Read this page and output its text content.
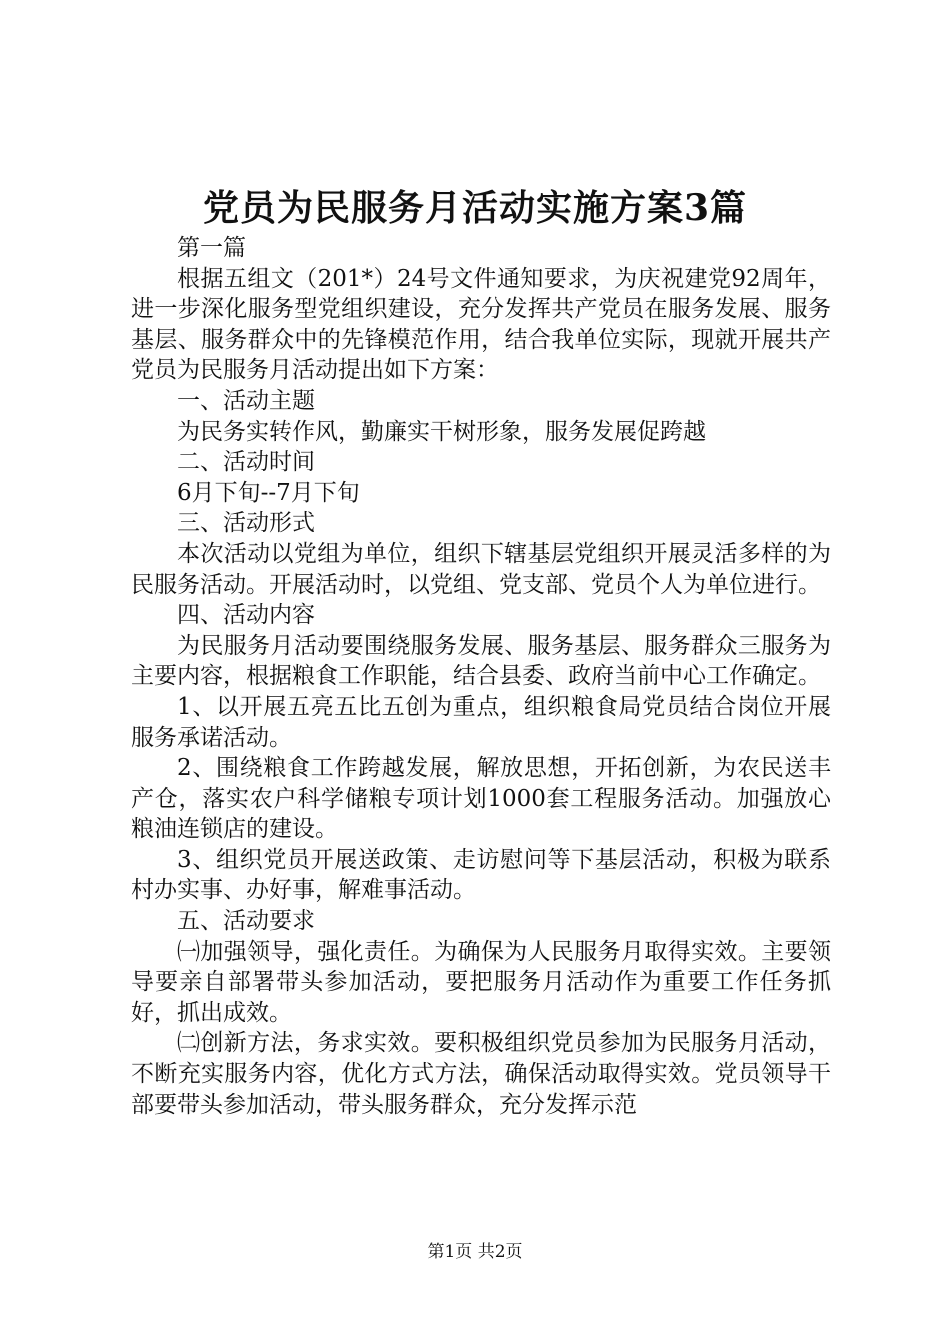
党员为民服务月活动实施方案3篇

第一篇

根据五组文（201*）24号文件通知要求，为庆祝建党92周年，进一步深化服务型党组织建设，充分发挥共产党员在服务发展、服务基层、服务群众中的先锋模范作用，结合我单位实际，现就开展共产党员为民服务月活动提出如下方案：

一、活动主题

为民务实转作风，勤廉实干树形象，服务发展促跨越

二、活动时间

6月下旬--7月下旬

三、活动形式

本次活动以党组为单位，组织下辖基层党组织开展灵活多样的为民服务活动。开展活动时，以党组、党支部、党员个人为单位进行。

四、活动内容

为民服务月活动要围绕服务发展、服务基层、服务群众三服务为主要内容，根据粮食工作职能，结合县委、政府当前中心工作确定。

1、以开展五亮五比五创为重点，组织粮食局党员结合岗位开展服务承诺活动。

2、围绕粮食工作跨越发展，解放思想，开拓创新，为农民送丰产仓，落实农户科学储粮专项计划1000套工程服务活动。加强放心粮油连锁店的建设。

3、组织党员开展送政策、走访慰问等下基层活动，积极为联系村办实事、办好事，解难事活动。

五、活动要求

㈠加强领导，强化责任。为确保为人民服务月取得实效。主要领导要亲自部署带头参加活动，要把服务月活动作为重要工作任务抓好，抓出成效。

㈡创新方法，务求实效。要积极组织党员参加为民服务月活动，不断充实服务内容，优化方式方法，确保活动取得实效。党员领导干部要带头参加活动，带头服务群众，充分发挥示范

第1页 共2页
